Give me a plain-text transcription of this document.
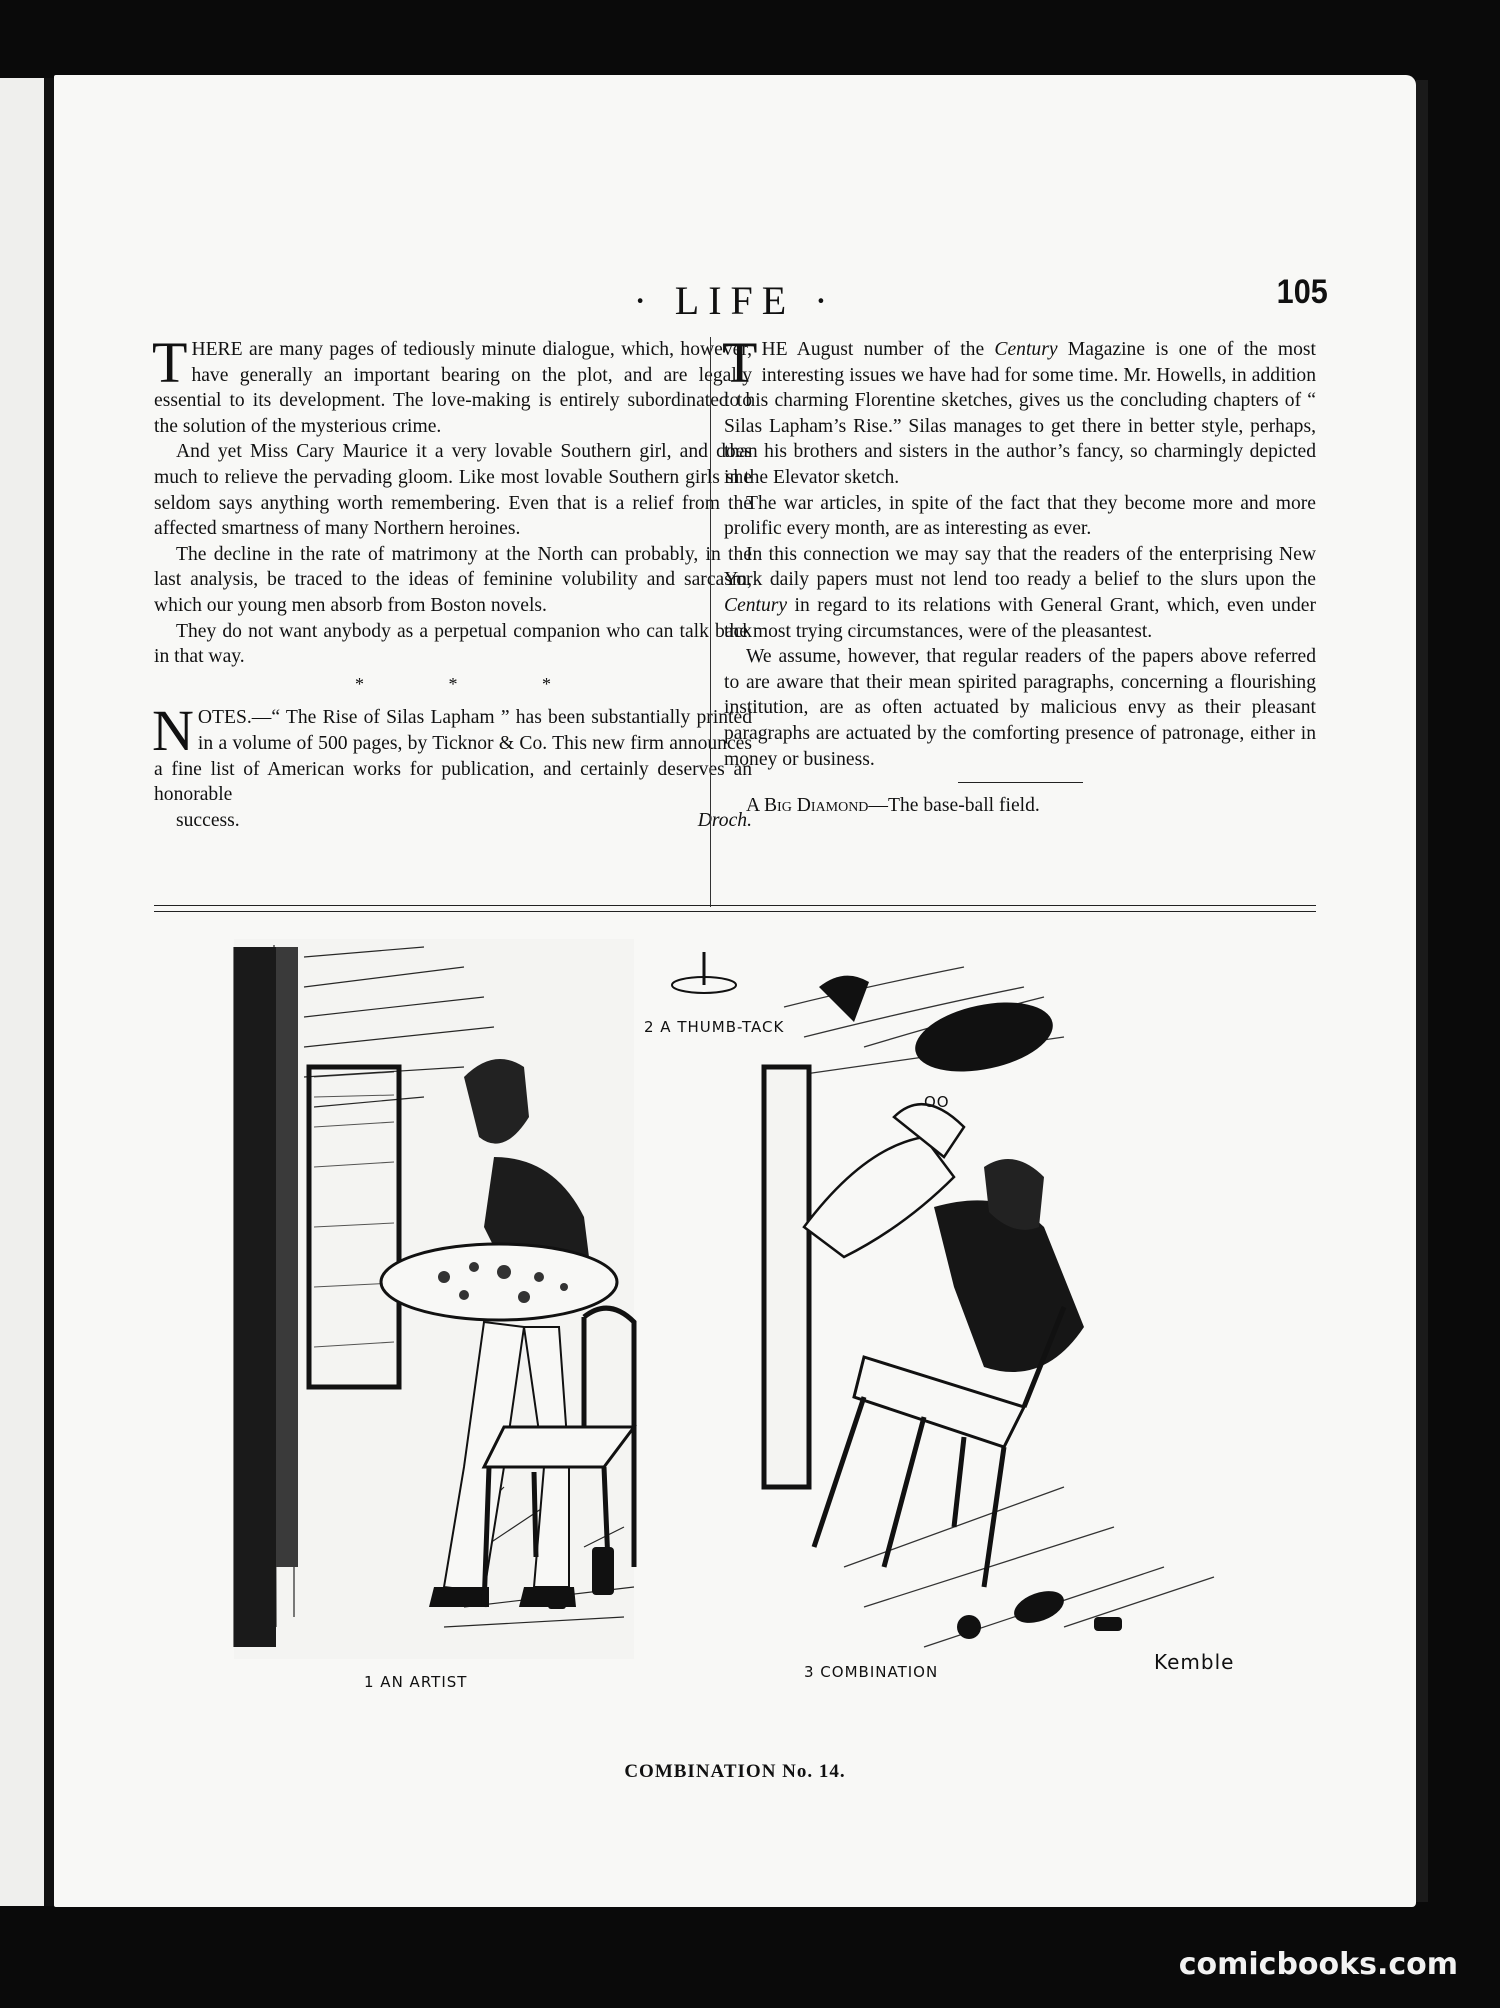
· LIFE ·	105

THERE are many pages of tediously minute dialogue, which, however, have generally an important bearing on the plot, and are legally essential to its development. The love-making is entirely subordinated to the solution of the mysterious crime.

And yet Miss Cary Maurice it a very lovable Southern girl, and does much to relieve the pervading gloom. Like most lovable Southern girls she seldom says anything worth remembering. Even that is a relief from the affected smartness of many Northern heroines.

The decline in the rate of matrimony at the North can probably, in the last analysis, be traced to the ideas of feminine volubility and sarcasm, which our young men absorb from Boston novels.

They do not want anybody as a perpetual companion who can talk back in that way.

* * *

NOTES.—“ The Rise of Silas Lapham ” has been substantially printed in a volume of 500 pages, by Ticknor & Co. This new firm announces a fine list of American works for publication, and certainly deserves an honorable

success.	Droch.

THE August number of the Century Magazine is one of the most interesting issues we have had for some time. Mr. Howells, in addition to his charming Florentine sketches, gives us the concluding chapters of “ Silas Lapham’s Rise.” Silas manages to get there in better style, perhaps, than his brothers and sisters in the author’s fancy, so charmingly depicted in the Elevator sketch.

The war articles, in spite of the fact that they become more and more prolific every month, are as interesting as ever.

In this connection we may say that the readers of the enterprising New York daily papers must not lend too ready a belief to the slurs upon the Century in regard to its relations with General Grant, which, even under the most trying circumstances, were of the pleasantest.

We assume, however, that regular readers of the papers above referred to are aware that their mean spirited paragraphs, concerning a flourishing institution, are as often actuated by malicious envy as their pleasant paragraphs are actuated by the comforting presence of patronage, either in money or business.

A Big Diamond—The base-ball field.

2 A THUMB-TACK
1 AN ARTIST
OO
3 COMBINATION	Kemble
COMBINATION No. 14.
comicbooks.com
